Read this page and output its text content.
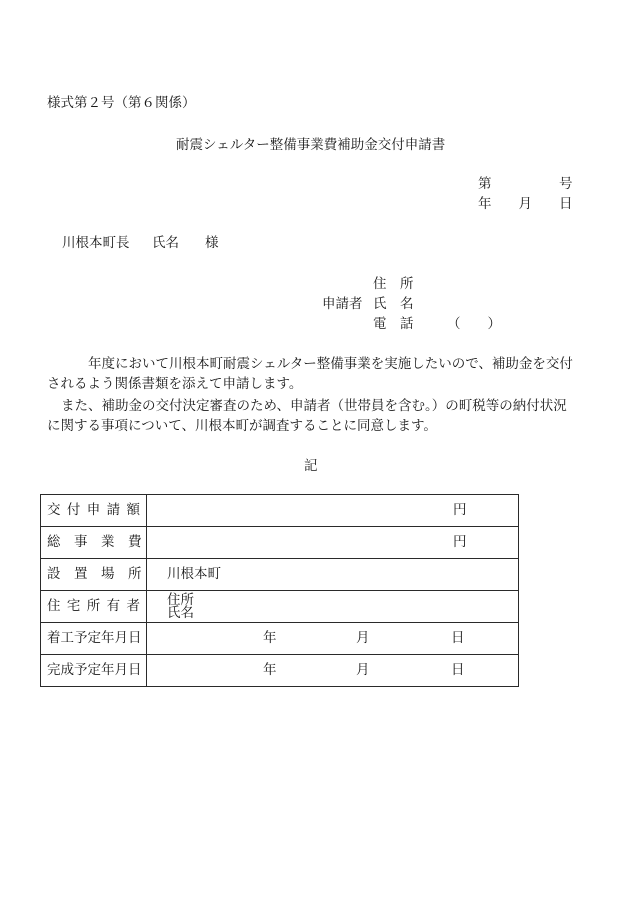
様式第２号（第６関係）
耐震シェルター整備事業費補助金交付申請書
第　　　　　号
年　　月　　日
川根本町長 氏名 様
住　所
申請者 氏　名
電　話 （　　）
年度において川根本町耐震シェルター整備事業を実施したいので、補助金を交付
されるよう関係書類を添えて申請します。
また、補助金の交付決定審査のため、申請者（世帯員を含む。）の町税等の納付状況
に関する事項について、川根本町が調査することに同意します。
記
交 付 申 請 額	円
総　事　業　費	円
設　置　場　所 川根本町
住 宅 所 有 者 住所
氏名
着工予定年月日	年	月	日
完成予定年月日	年	月	日
